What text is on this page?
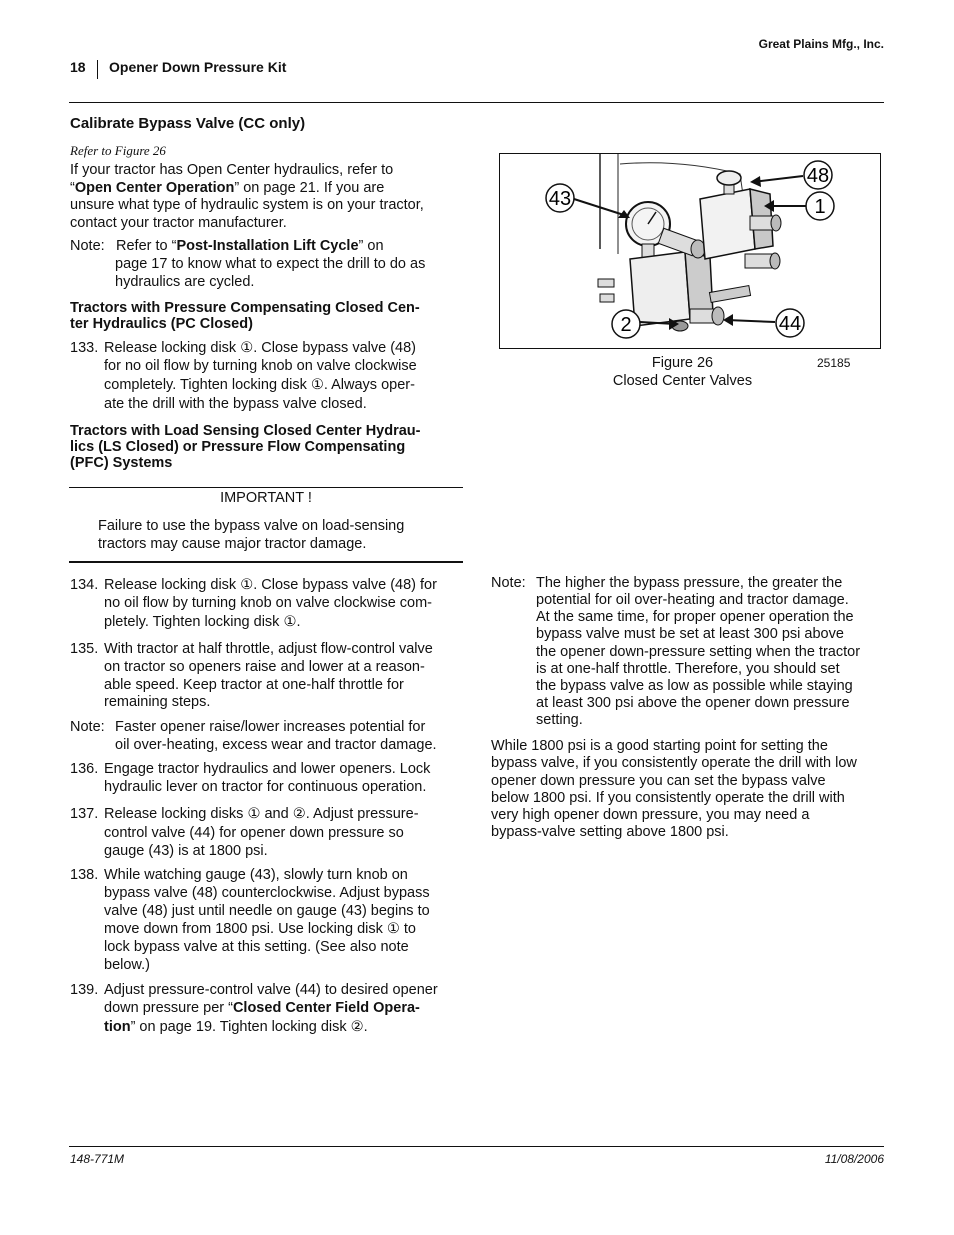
Great Plains Mfg., Inc.
18 Opener Down Pressure Kit
Calibrate Bypass Valve (CC only)
Refer to Figure 26
If your tractor has Open Center hydraulics, refer to
“Open Center Operation” on page 21. If you are
unsure what type of hydraulic system is on your tractor,
contact your tractor manufacturer.
Note: Refer to “Post-Installation Lift Cycle” on
page 17 to know what to expect the drill to do as
hydraulics are cycled.
Tractors with Pressure Compensating Closed Cen-
ter Hydraulics (PC Closed)
133. Release locking disk ①. Close bypass valve (48)
for no oil flow by turning knob on valve clockwise
completely. Tighten locking disk ①. Always oper-
ate the drill with the bypass valve closed.
Tractors with Load Sensing Closed Center Hydrau-
lics (LS Closed) or Pressure Flow Compensating
(PFC) Systems
IMPORTANT !
Failure to use the bypass valve on load-sensing
tractors may cause major tractor damage.
134. Release locking disk ①. Close bypass valve (48) for
no oil flow by turning knob on valve clockwise com-
pletely. Tighten locking disk ①.
135. With tractor at half throttle, adjust flow-control valve
on tractor so openers raise and lower at a reason-
able speed. Keep tractor at one-half throttle for
remaining steps.
Note: Faster opener raise/lower increases potential for
oil over-heating, excess wear and tractor damage.
136. Engage tractor hydraulics and lower openers. Lock
hydraulic lever on tractor for continuous operation.
137. Release locking disks ① and ②. Adjust pressure-
control valve (44) for opener down pressure so
gauge (43) is at 1800 psi.
138. While watching gauge (43), slowly turn knob on
bypass valve (48) counterclockwise. Adjust bypass
valve (48) just until needle on gauge (43) begins to
move down from 1800 psi. Use locking disk ① to
lock bypass valve at this setting. (See also note
below.)
139. Adjust pressure-control valve (44) to desired opener
down pressure per “Closed Center Field Opera-
tion” on page 19. Tighten locking disk ②.
43
48
1
2	44
Figure 26
Closed Center Valves
25185
Note: The higher the bypass pressure, the greater the
potential for oil over-heating and tractor damage.
At the same time, for proper opener operation the
bypass valve must be set at least 300 psi above
the opener down-pressure setting when the tractor
is at one-half throttle. Therefore, you should set
the bypass valve as low as possible while staying
at least 300 psi above the opener down pressure
setting.
While 1800 psi is a good starting point for setting the
bypass valve, if you consistently operate the drill with low
opener down pressure you can set the bypass valve
below 1800 psi. If you consistently operate the drill with
very high opener down pressure, you may need a
bypass-valve setting above 1800 psi.
148-771M	11/08/2006
